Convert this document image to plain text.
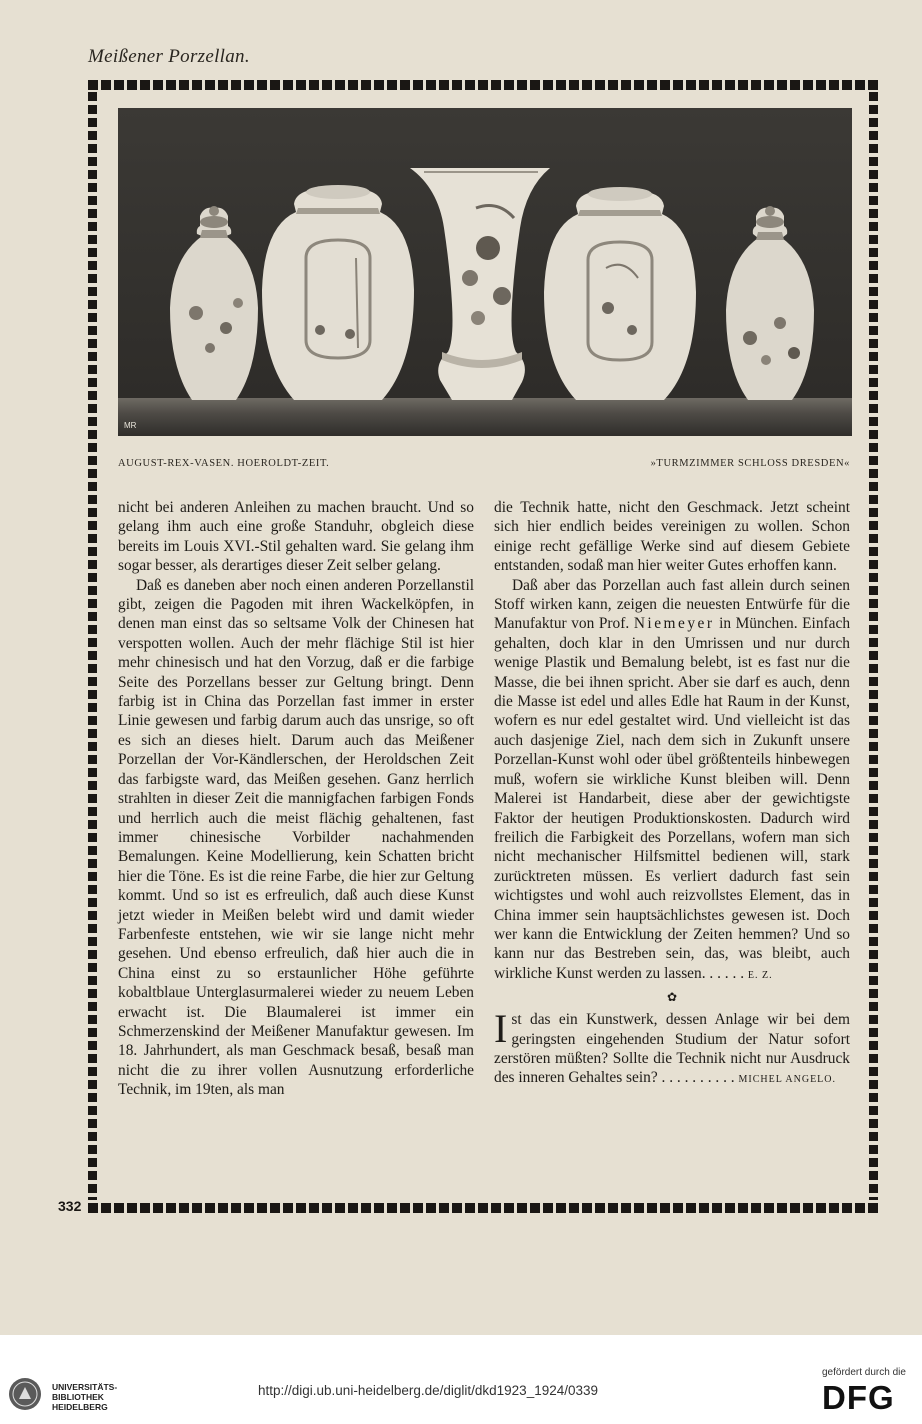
Meißener Porzellan.
332
MR
AUGUST-REX-VASEN. HOEROLDT-ZEIT.	»TURMZIMMER SCHLOSS DRESDEN«

nicht bei anderen Anleihen zu machen braucht. Und so gelang ihm auch eine große Standuhr, obgleich diese bereits im Louis XVI.-Stil gehalten ward. Sie gelang ihm sogar besser, als derartiges dieser Zeit selber gelang.

Daß es daneben aber noch einen anderen Porzellanstil gibt, zeigen die Pagoden mit ihren Wackelköpfen, in denen man einst das so seltsame Volk der Chinesen hat verspotten wollen. Auch der mehr flächige Stil ist hier mehr chinesisch und hat den Vorzug, daß er die farbige Seite des Porzellans besser zur Geltung bringt. Denn farbig ist in China das Porzellan fast immer in erster Linie gewesen und farbig darum auch das unsrige, so oft es sich an dieses hielt. Darum auch das Meißener Porzellan der Vor-Kändlerschen, der Heroldschen Zeit das farbigste ward, das Meißen gesehen. Ganz herrlich strahlten in dieser Zeit die mannigfachen farbigen Fonds und herrlich auch die meist flächig gehaltenen, fast immer chinesische Vorbilder nachahmenden Bemalungen. Keine Modellierung, kein Schatten bricht hier die Töne. Es ist die reine Farbe, die hier zur Geltung kommt. Und so ist es erfreulich, daß auch diese Kunst jetzt wieder in Meißen belebt wird und damit wieder Farbenfeste entstehen, wie wir sie lange nicht mehr gesehen. Und ebenso erfreulich, daß hier auch die in China einst zu so erstaunlicher Höhe geführte kobaltblaue Unterglasurmalerei wieder zu neuem Leben erwacht ist. Die Blaumalerei ist immer ein Schmerzenskind der Meißener Manufaktur gewesen. Im 18. Jahrhundert, als man Geschmack besaß, besaß man nicht die zu ihrer vollen Ausnutzung erforderliche Technik, im 19ten, als man

die Technik hatte, nicht den Geschmack. Jetzt scheint sich hier endlich beides vereinigen zu wollen. Schon einige recht gefällige Werke sind auf diesem Gebiete entstanden, sodaß man hier weiter Gutes erhoffen kann.

Daß aber das Porzellan auch fast allein durch seinen Stoff wirken kann, zeigen die neuesten Entwürfe für die Manufaktur von Prof. Niemeyer in München. Einfach gehalten, doch klar in den Umrissen und nur durch wenige Plastik und Bemalung belebt, ist es fast nur die Masse, die bei ihnen spricht. Aber sie darf es auch, denn die Masse ist edel und alles Edle hat Raum in der Kunst, wofern es nur edel gestaltet wird. Und vielleicht ist das auch dasjenige Ziel, nach dem sich in Zukunft unsere Porzellan-Kunst wohl oder übel größtenteils hinbewegen muß, wofern sie wirkliche Kunst bleiben will. Denn Malerei ist Handarbeit, diese aber der gewichtigste Faktor der heutigen Produktionskosten. Dadurch wird freilich die Farbigkeit des Porzellans, wofern man sich nicht mechanischer Hilfsmittel bedienen will, stark zurücktreten müssen. Es verliert dadurch fast sein wichtigstes und wohl auch reizvollstes Element, das in China immer sein hauptsächlichstes gewesen ist. Doch wer kann die Entwicklung der Zeiten hemmen? Und so kann nur das Bestreben sein, das, was bleibt, auch wirkliche Kunst werden zu lassen. . . . . . E. Z.

✿

Ist das ein Kunstwerk, dessen Anlage wir bei dem geringsten eingehenden Studium der Natur sofort zerstören müßten? Sollte die Technik nicht nur Ausdruck des inneren Gehaltes sein? . . . . . . . . . . MICHEL ANGELO.

UNIVERSITÄTS-
BIBLIOTHEK
HEIDELBERG
http://digi.ub.uni-heidelberg.de/diglit/dkd1923_1924/0339
gefördert durch die
DFG
